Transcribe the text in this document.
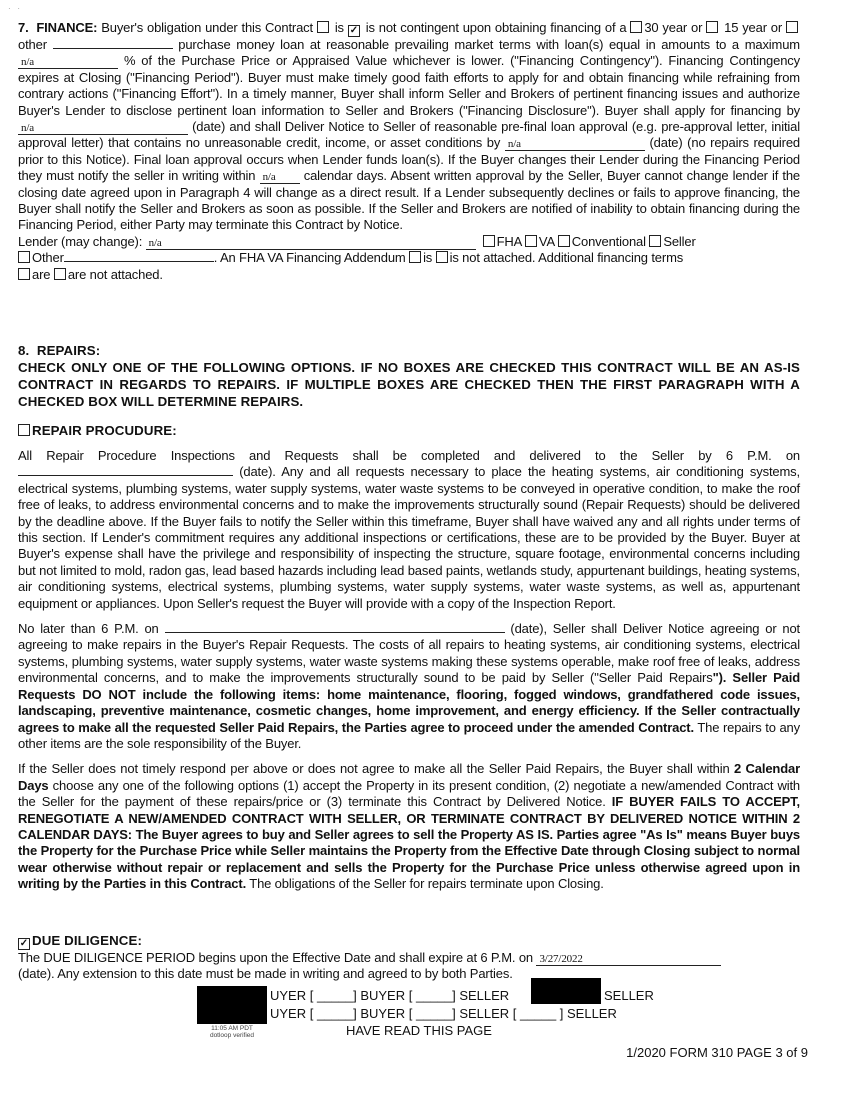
·   ·

7. FINANCE: Buyer's obligation under this Contract  is ✓ is not contingent upon obtaining financing of a 30 year or  15 year or other	purchase money loan at reasonable prevailing market terms with loan(s) equal in amounts to a maximum n/a	% of the Purchase Price or Appraised Value whichever is lower. ("Financing Contingency"). Financing Contingency expires at Closing ("Financing Period"). Buyer must make timely good faith efforts to apply for and obtain financing while refraining from contrary actions ("Financing Effort"). In a timely manner, Buyer shall inform Seller and Brokers of pertinent financing issues and authorize Buyer's Lender to disclose pertinent loan information to Seller and Brokers ("Financing Disclosure"). Buyer shall apply for financing by n/a	(date) and shall Deliver Notice to Seller of reasonable pre-final loan approval (e.g. pre-approval letter, initial approval letter) that contains no unreasonable credit, income, or asset conditions by n/a	(date) (no repairs required prior to this Notice). Final loan approval occurs when Lender funds loan(s). If the Buyer changes their Lender during the Financing Period they must notify the seller in writing within n/a calendar days. Absent written approval by the Seller, Buyer cannot change lender if the closing date agreed upon in Paragraph 4 will change as a direct result. If a Lender subsequently declines or fails to approve financing, the Buyer shall notify the Seller and Brokers as soon as possible. If the Seller and Brokers are notified of inability to obtain financing during the Financing Period, either Party may terminate this Contract by Notice.

Lender (may change): n/a	FHA VA Conventional Seller
Other	. An FHA VA Financing Addendum is is not attached. Additional financing terms
are are not attached.

8. REPAIRS:

CHECK ONLY ONE OF THE FOLLOWING OPTIONS. IF NO BOXES ARE CHECKED THIS CONTRACT WILL BE AN AS-IS CONTRACT IN REGARDS TO REPAIRS. IF MULTIPLE BOXES ARE CHECKED THEN THE FIRST PARAGRAPH WITH A CHECKED BOX WILL DETERMINE REPAIRS.

REPAIR PROCUDURE:

All Repair Procedure Inspections and Requests shall be completed and delivered to the Seller by 6 P.M. on  (date). Any and all requests necessary to place the heating systems, air conditioning systems, electrical systems, plumbing systems, water supply systems, water waste systems to be conveyed in operative condition, to make the roof free of leaks, to address environmental concerns and to make the improvements structurally sound (Repair Requests) should be delivered by the deadline above. If the Buyer fails to notify the Seller within this timeframe, Buyer shall have waived any and all rights under terms of this section. If Lender's commitment requires any additional inspections or certifications, these are to be provided by the Buyer. Buyer at Buyer's expense shall have the privilege and responsibility of inspecting the structure, square footage, environmental concerns including but not limited to mold, radon gas, lead based hazards including lead based paints, wetlands study, appurtenant buildings, heating systems, air conditioning systems, electrical systems, plumbing systems, water supply systems, water waste systems, as well as, appurtenant equipment or appliances. Upon Seller's request the Buyer will provide with a copy of the Inspection Report.

No later than 6 P.M. on	(date), Seller shall Deliver Notice agreeing or not agreeing to make repairs in the Buyer's Repair Requests. The costs of all repairs to heating systems, air conditioning systems, electrical systems, plumbing systems, water supply systems, water waste systems making these systems operable, make roof free of leaks, address environmental concerns, and to make the improvements structurally sound to be paid by Seller ("Seller Paid Repairs"). Seller Paid Requests DO NOT include the following items: home maintenance, flooring, fogged windows, grandfathered code issues, landscaping, preventive maintenance, cosmetic changes, home improvement, and energy efficiency. If the Seller contractually agrees to make all the requested Seller Paid Repairs, the Parties agree to proceed under the amended Contract. The repairs to any other items are the sole responsibility of the Buyer.

If the Seller does not timely respond per above or does not agree to make all the Seller Paid Repairs, the Buyer shall within 2 Calendar Days choose any one of the following options (1) accept the Property in its present condition, (2) negotiate a new/amended Contract with the Seller for the payment of these repairs/price or (3) terminate this Contract by Delivered Notice. IF BUYER FAILS TO ACCEPT, RENEGOTIATE A NEW/AMENDED CONTRACT WITH SELLER, OR TERMINATE CONTRACT BY DELIVERED NOTICE WITHIN 2 CALENDAR DAYS: The Buyer agrees to buy and Seller agrees to sell the Property AS IS. Parties agree "As Is" means Buyer buys the Property for the Purchase Price while Seller maintains the Property from the Effective Date through Closing subject to normal wear otherwise without repair or replacement and sells the Property for the Purchase Price unless otherwise agreed upon in writing by the Parties in this Contract. The obligations of the Seller for repairs terminate upon Closing.

✓DUE DILIGENCE:

The DUE DILIGENCE PERIOD begins upon the Effective Date and shall expire at 6 P.M. on 3/27/2022

(date). Any extension to this date must be made in writing and agreed to by both Parties.

UYER [ _____] BUYER [ _____] SELLER	SELLER
UYER [ _____] BUYER [ _____] SELLER [ _____ ] SELLER
HAVE READ THIS PAGE
11:05 AM PDT
dotloop verified
1/2020 FORM 310 PAGE 3 of 9
